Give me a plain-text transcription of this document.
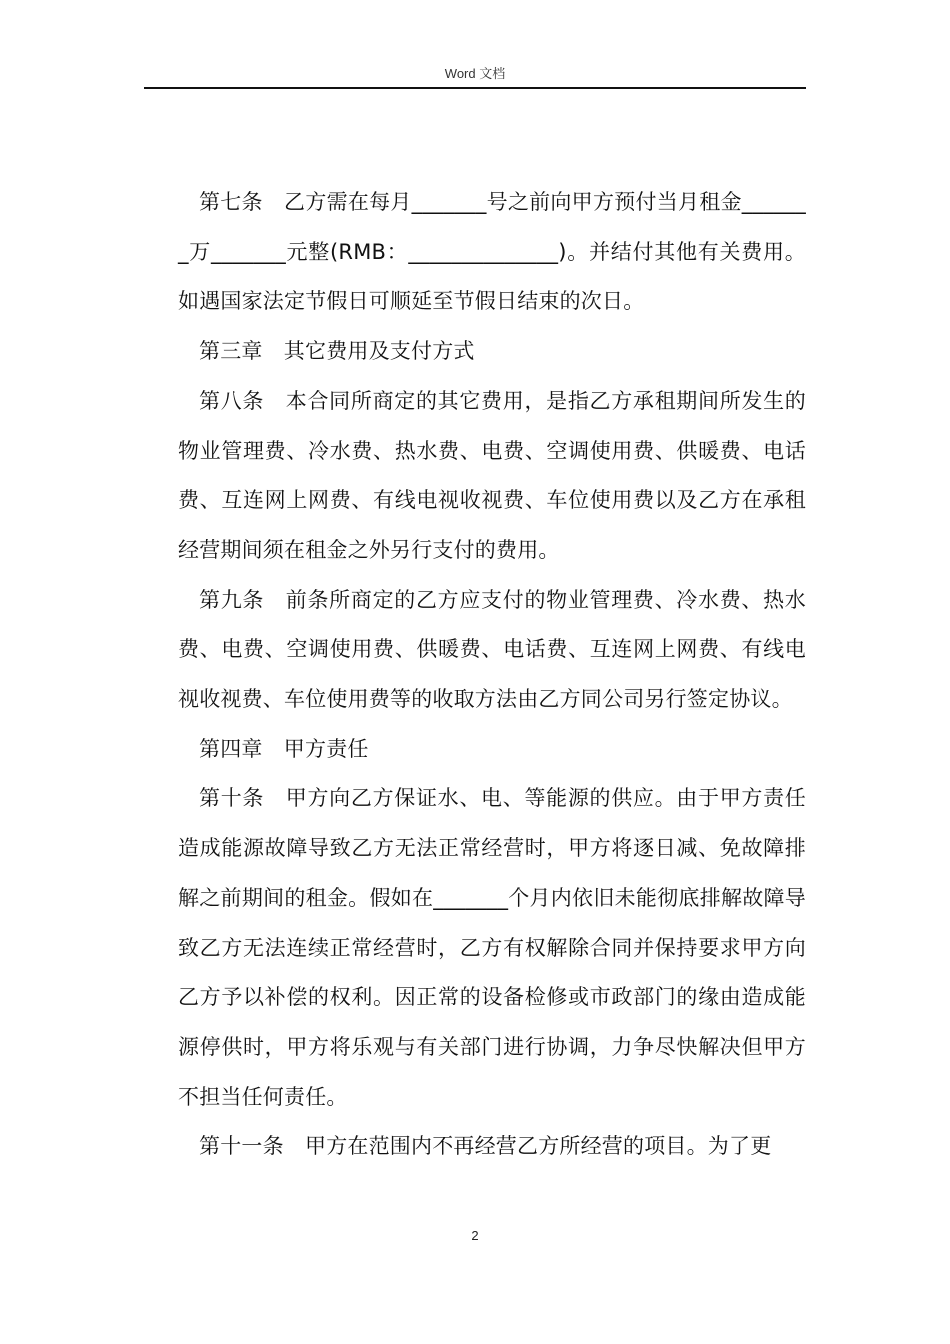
Word 文档

第七条　乙方需在每月_______号之前向甲方预付当月租金_______万_______元整(RMB：______________)。并结付其他有关费用。如遇国家法定节假日可顺延至节假日结束的次日。

第三章　其它费用及支付方式

第八条　本合同所商定的其它费用，是指乙方承租期间所发生的物业管理费、冷水费、热水费、电费、空调使用费、供暖费、电话费、互连网上网费、有线电视收视费、车位使用费以及乙方在承租经营期间须在租金之外另行支付的费用。

第九条　前条所商定的乙方应支付的物业管理费、冷水费、热水费、电费、空调使用费、供暖费、电话费、互连网上网费、有线电视收视费、车位使用费等的收取方法由乙方同公司另行签定协议。

第四章　甲方责任

第十条　甲方向乙方保证水、电、等能源的供应。由于甲方责任造成能源故障导致乙方无法正常经营时，甲方将逐日减、免故障排解之前期间的租金。假如在_______个月内依旧未能彻底排解故障导致乙方无法连续正常经营时，乙方有权解除合同并保持要求甲方向乙方予以补偿的权利。因正常的设备检修或市政部门的缘由造成能源停供时，甲方将乐观与有关部门进行协调，力争尽快解决但甲方不担当任何责任。

第十一条　甲方在范围内不再经营乙方所经营的项目。为了更

2
